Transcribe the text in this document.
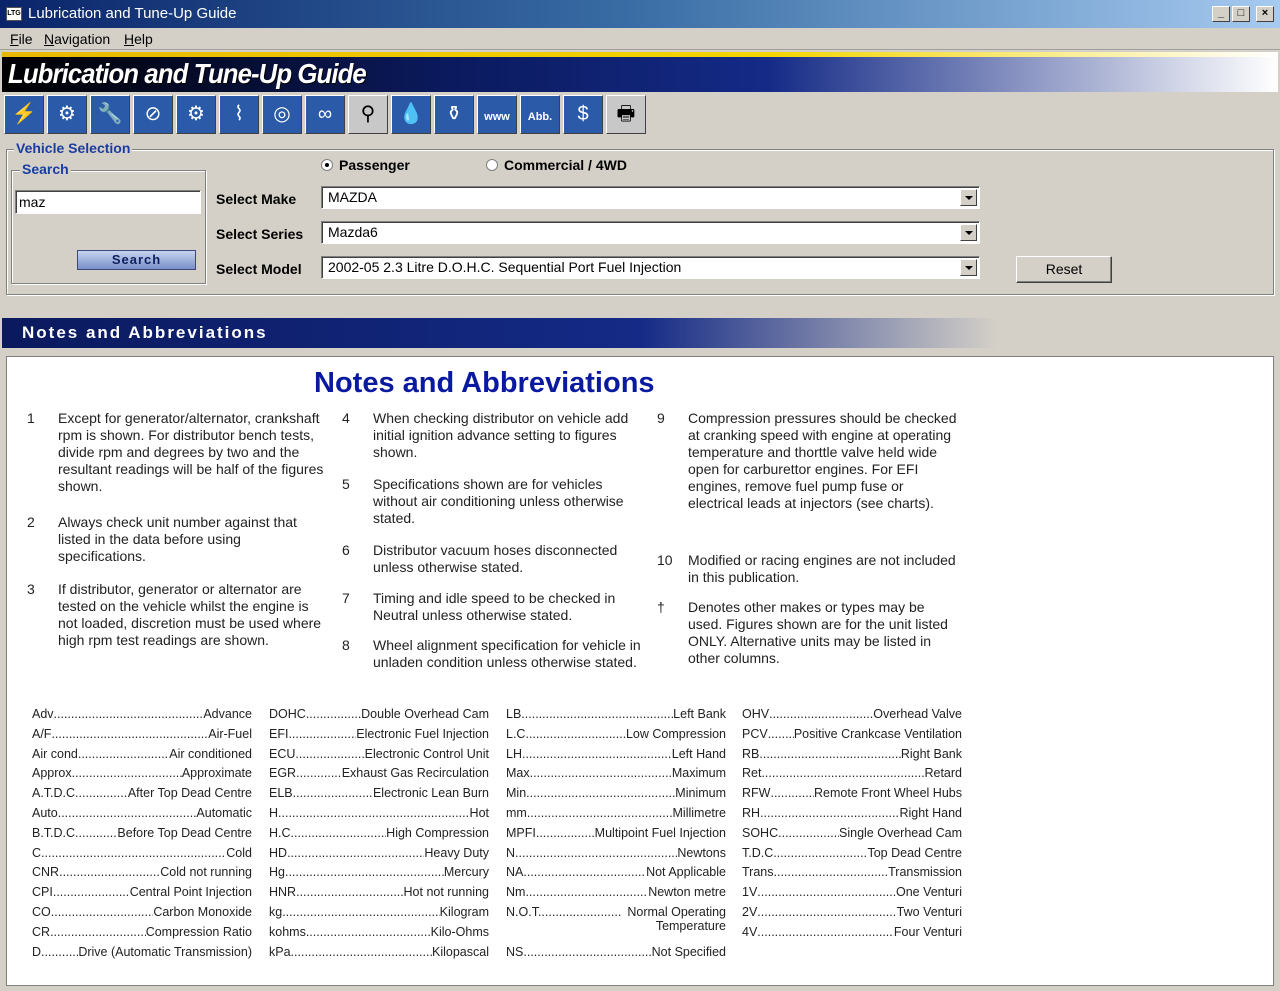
LTG Lubrication and Tune-Up Guide	_	□	×
File Navigation Help
Lubrication and Tune-Up Guide
⚡	⚙	🔧	⊘	⚙	⌇	◎	∞	⚲	💧	⚱	www	Abb.	$	🖶
Vehicle Selection
Search
maz
Search
Passenger	Commercial / 4WD
Select Make MAZDA
Select Series Mazda6
Select Model 2002-05 2.3 Litre D.O.H.C. Sequential Port Fuel Injection	Reset
Notes and Abbreviations
Notes and Abbreviations
1 Except for generator/alternator, crankshaft rpm is shown. For distributor bench tests, divide rpm and degrees by two and the resultant readings will be half of the figures shown.
2 Always check unit number against that listed in the data before using specifications.
3 If distributor, generator or alternator are tested on the vehicle whilst the engine is not loaded, discretion must be used where high rpm test readings are shown.
4 When checking distributor on vehicle add initial ignition advance setting to figures shown.
5 Specifications shown are for vehicles without air conditioning unless otherwise stated.
6 Distributor vacuum hoses disconnected unless otherwise stated.
7 Timing and idle speed to be checked in Neutral unless otherwise stated.
8 Wheel alignment specification for vehicle in unladen condition unless otherwise stated.
9 Compression pressures should be checked at cranking speed with engine at operating temperature and thorttle valve held wide open for carburettor engines. For EFI engines, remove fuel pump fuse or electrical leads at injectors (see charts).
10 Modified or racing engines are not included in this publication.
† Denotes other makes or types may be used. Figures shown are for the unit listed ONLY. Alternative units may be listed in other columns.
Adv .....	Advance
A/F .....	Air-Fuel
Air cond .....	Air conditioned
Approx .....	Approximate
A.T.D.C. .....	After Top Dead Centre
Auto .....	Automatic
B.T.D.C. .....	Before Top Dead Centre
C .....	Cold
CNR .....	Cold not running
CPI .....	Central Point Injection
CO .....	Carbon Monoxide
CR .....	Compression Ratio
D .....	Drive (Automatic Transmission)
DOHC .....	Double Overhead Cam
EFI .....	Electronic Fuel Injection
ECU .....	Electronic Control Unit
EGR .....	Exhaust Gas Recirculation
ELB .....	Electronic Lean Burn
H .....	Hot
H.C. .....	High Compression
HD .....	Heavy Duty
Hg .....	Mercury
HNR .....	Hot not running
kg .....	Kilogram
kohms .....	Kilo-Ohms
kPa .....	Kilopascal
LB .....	Left Bank
L.C. .....	Low Compression
LH .....	Left Hand
Max .....	Maximum
Min .....	Minimum
mm .....	Millimetre
MPFI .....	Multipoint Fuel Injection
N .....	Newtons
NA .....	Not Applicable
Nm .....	Newton metre
N.O.T. .....	Normal Operating Temperature
NS .....	Not Specified
OHV .....	Overhead Valve
PCV ..... Positive Crankcase Ventilation
RB .....	Right Bank
Ret .....	Retard
RFW .....	Remote Front Wheel Hubs
RH .....	Right Hand
SOHC .....	Single Overhead Cam
T.D.C. .....	Top Dead Centre
Trans .....	Transmission
1V .....	One Venturi
2V .....	Two Venturi
4V .....	Four Venturi
